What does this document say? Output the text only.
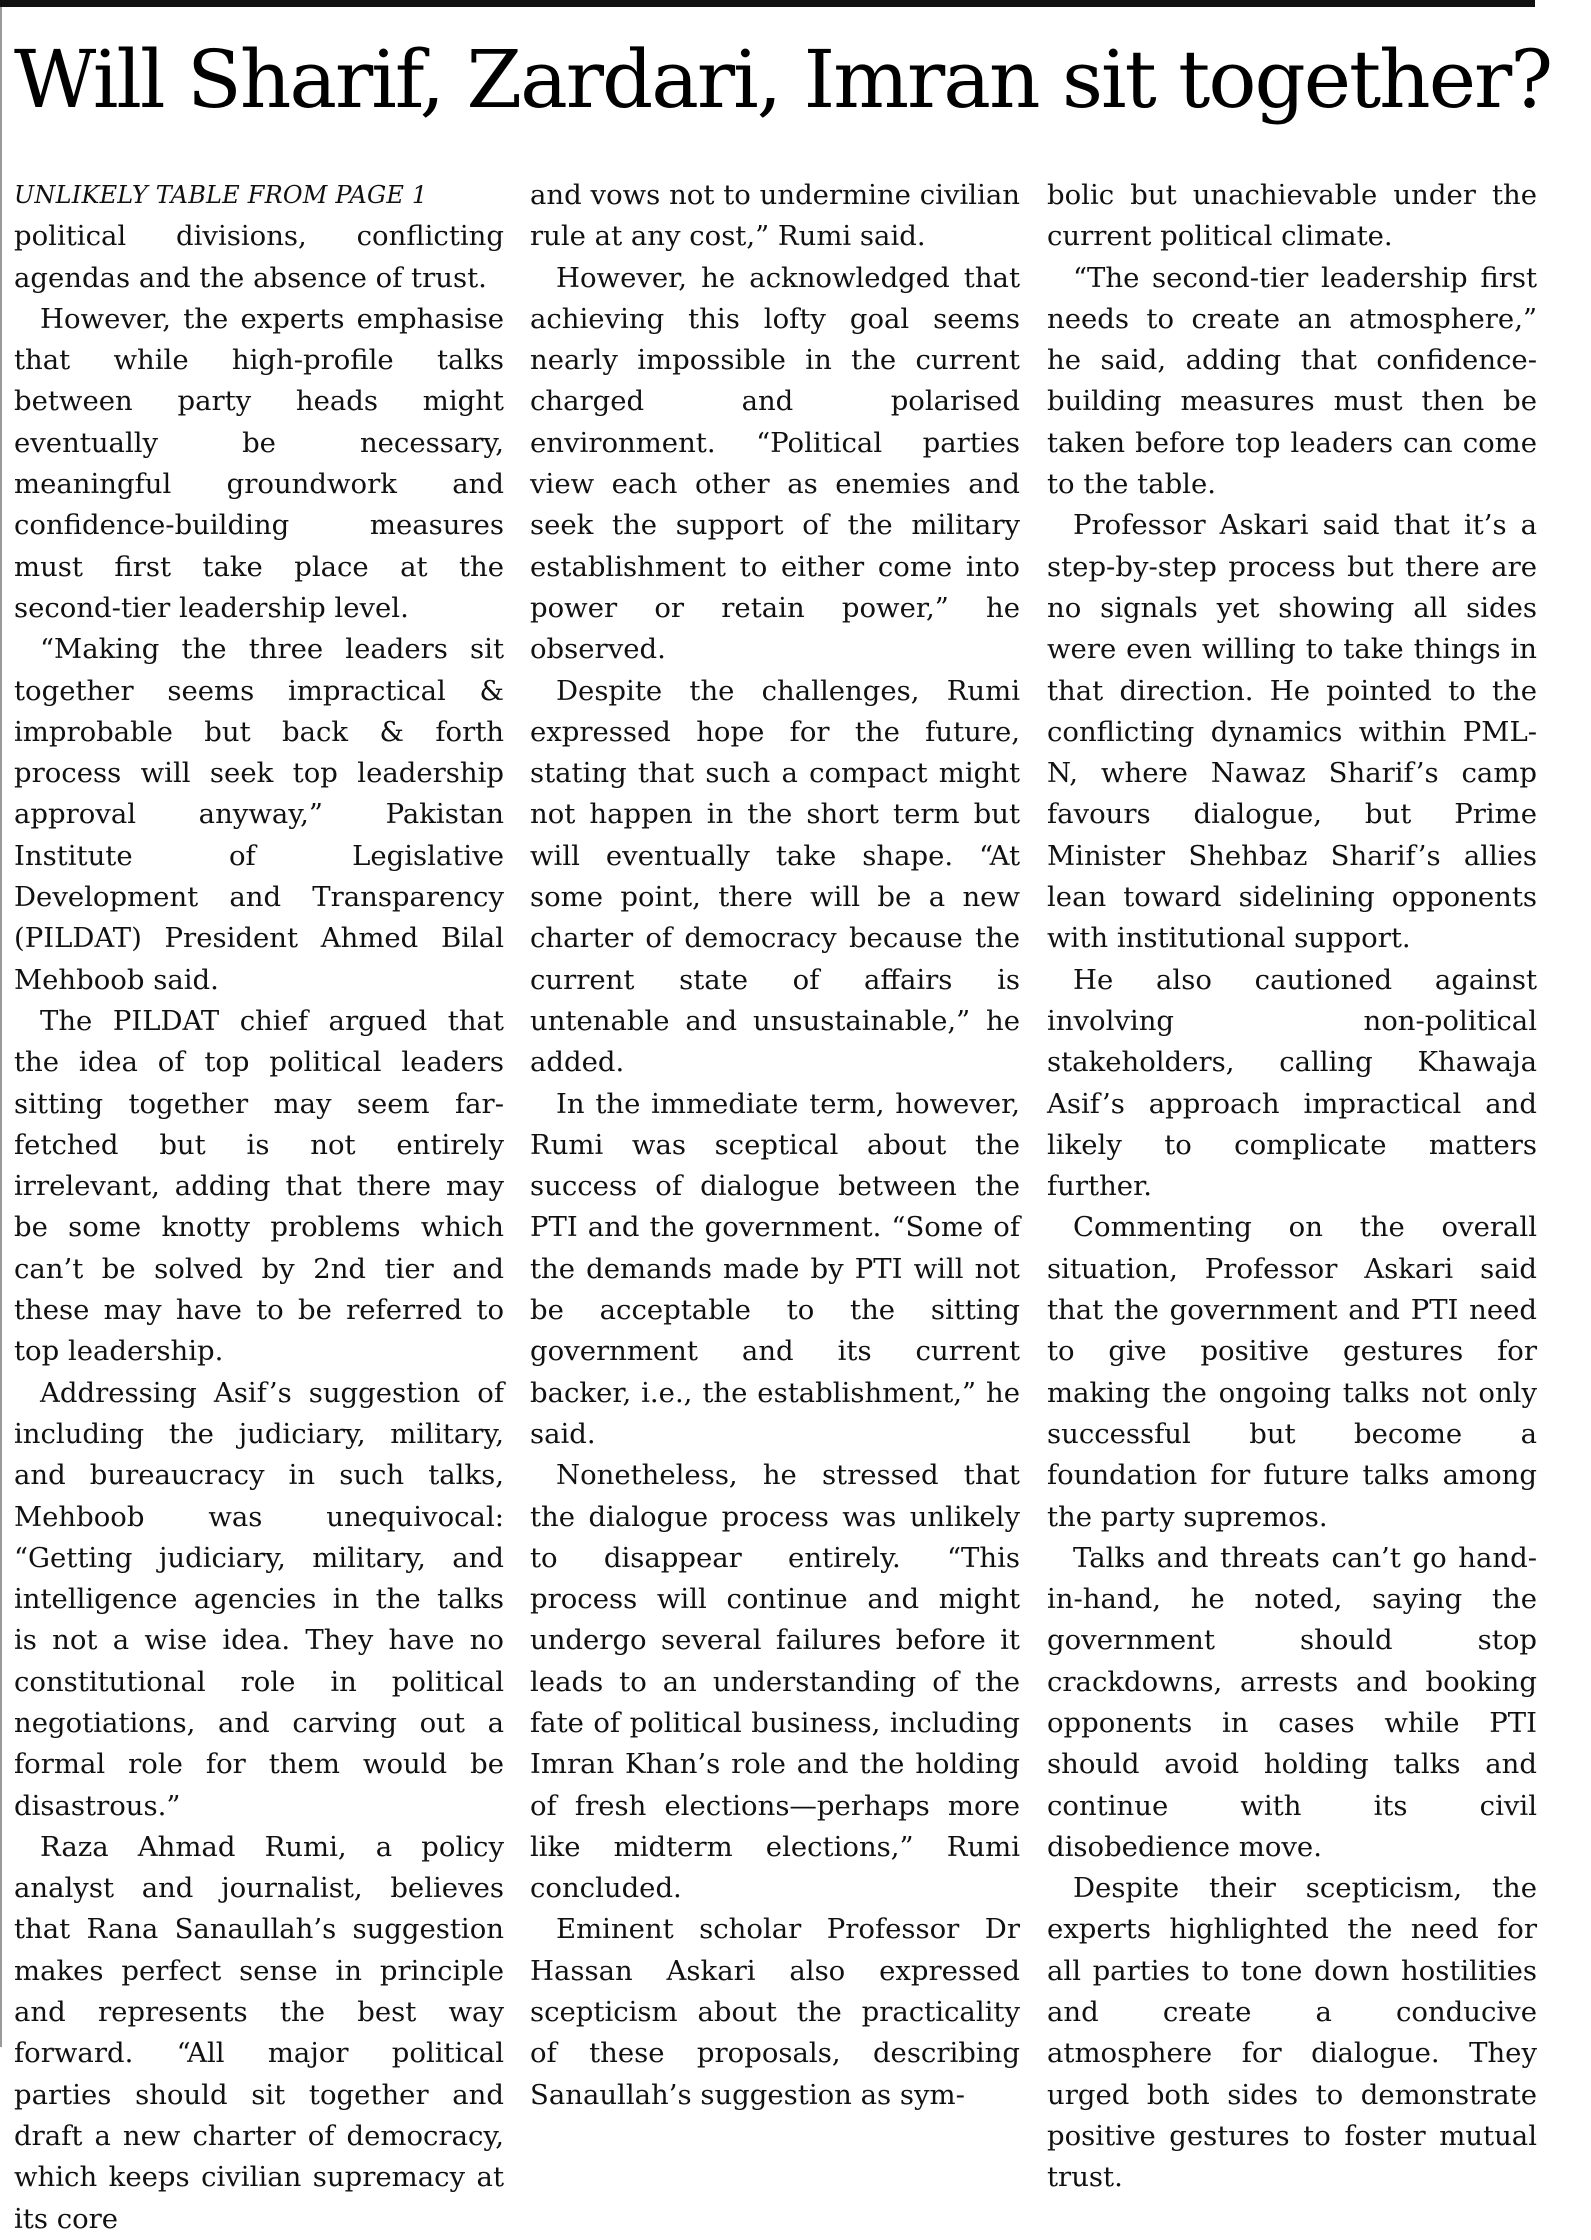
Will Sharif, Zardari, Imran sit together?

UNLIKELY TABLE FROM PAGE 1

political divisions, conflicting agendas and the absence of trust.

However, the experts emphasise that while high-profile talks between party heads might eventually be necessary, meaningful groundwork and confidence-building measures must first take place at the second-tier leadership level.

“Making the three leaders sit together seems impractical & improbable but back & forth process will seek top leadership approval anyway,” Pakistan Institute of Legislative Development and Transparency (PILDAT) President Ahmed Bilal Mehboob said.

The PILDAT chief argued that the idea of top political leaders sitting together may seem far-fetched but is not entirely irrelevant, adding that there may be some knotty problems which can’t be solved by 2nd tier and these may have to be referred to top leadership.

Addressing Asif’s suggestion of including the judiciary, military, and bureaucracy in such talks, Mehboob was unequivocal: “Getting judiciary, military, and intelligence agencies in the talks is not a wise idea. They have no constitutional role in political negotiations, and carving out a formal role for them would be disastrous.”

Raza Ahmad Rumi, a policy analyst and journalist, believes that Rana Sanaullah’s suggestion makes perfect sense in principle and represents the best way forward. “All major political parties should sit together and draft a new charter of democracy, which keeps civilian supremacy at its core

and vows not to undermine civilian rule at any cost,” Rumi said.

However, he acknowledged that achieving this lofty goal seems nearly impossible in the current charged and polarised environment. “Political parties view each other as enemies and seek the support of the military establishment to either come into power or retain power,” he observed.

Despite the challenges, Rumi expressed hope for the future, stating that such a compact might not happen in the short term but will eventually take shape. “At some point, there will be a new charter of democracy because the current state of affairs is untenable and unsustainable,” he added.

In the immediate term, however, Rumi was sceptical about the success of dialogue between the PTI and the government. “Some of the demands made by PTI will not be acceptable to the sitting government and its current backer, i.e., the establishment,” he said.

Nonetheless, he stressed that the dialogue process was unlikely to disappear entirely. “This process will continue and might undergo several failures before it leads to an understanding of the fate of political business, including Imran Khan’s role and the holding of fresh elections—perhaps more like midterm elections,” Rumi concluded.

Eminent scholar Professor Dr Hassan Askari also expressed scepticism about the practicality of these proposals, describing Sanaullah’s suggestion as sym-

bolic but unachievable under the current political climate.

“The second-tier leadership first needs to create an atmosphere,” he said, adding that confidence-building measures must then be taken before top leaders can come to the table.

Professor Askari said that it’s a step-by-step process but there are no signals yet showing all sides were even willing to take things in that direction. He pointed to the conflicting dynamics within PML-N, where Nawaz Sharif’s camp favours dialogue, but Prime Minister Shehbaz Sharif’s allies lean toward sidelining opponents with institutional support.

He also cautioned against involving non-political stakeholders, calling Khawaja Asif’s approach impractical and likely to complicate matters further.

Commenting on the overall situation, Professor Askari said that the government and PTI need to give positive gestures for making the ongoing talks not only successful but become a foundation for future talks among the party supremos.

Talks and threats can’t go hand-in-hand, he noted, saying the government should stop crackdowns, arrests and booking opponents in cases while PTI should avoid holding talks and continue with its civil disobedience move.

Despite their scepticism, the experts highlighted the need for all parties to tone down hostilities and create a conducive atmosphere for dialogue. They urged both sides to demonstrate positive gestures to foster mutual trust.
